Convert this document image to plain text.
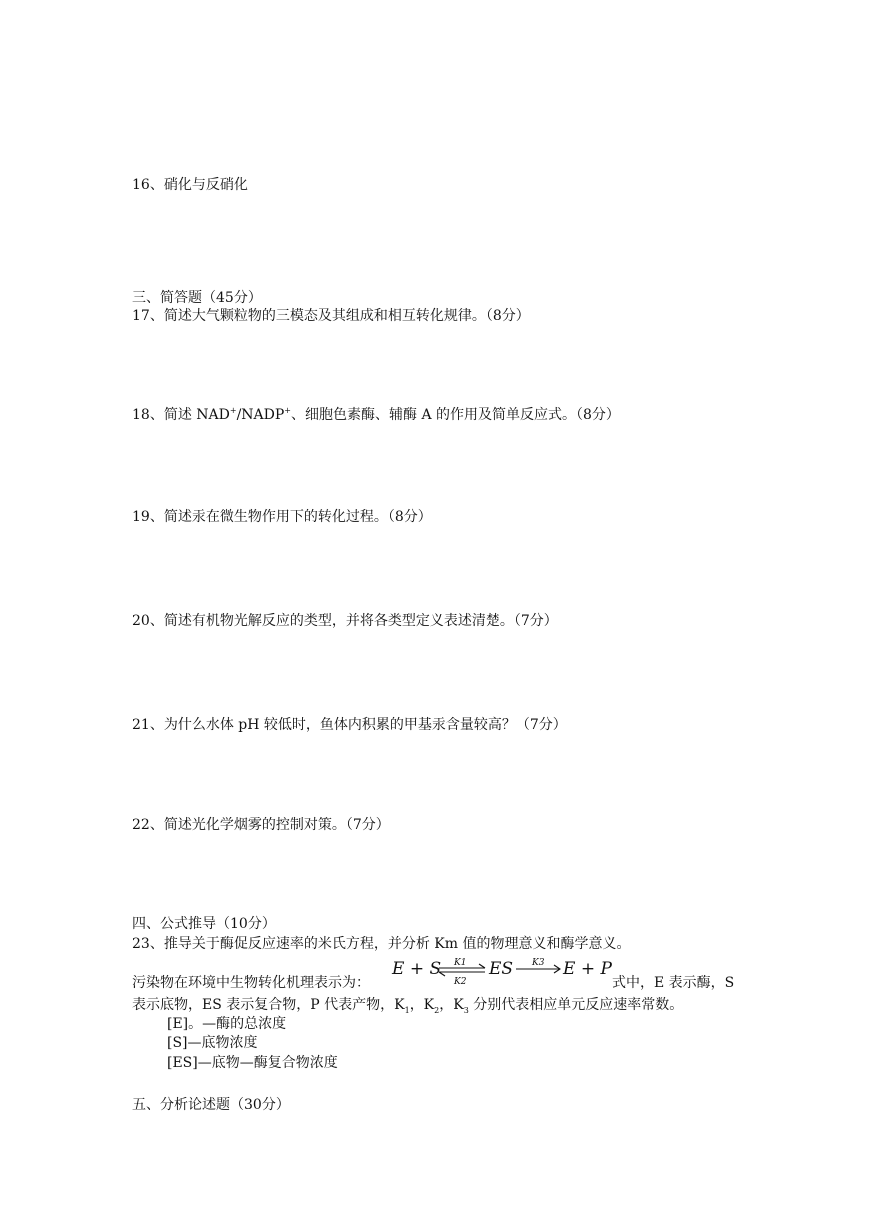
16、硝化与反硝化
三、简答题（45分）
17、简述大气颗粒物的三模态及其组成和相互转化规律。（8分）
18、简述 NAD+/NADP+、细胞色素酶、辅酶 A 的作用及简单反应式。（8分）
19、简述汞在微生物作用下的转化过程。（8分）
20、简述有机物光解反应的类型，并将各类型定义表述清楚。（7分）
21、为什么水体 pH 较低时，鱼体内积累的甲基汞含量较高？（7分）
22、简述光化学烟雾的控制对策。（7分）
四、公式推导（10分）
23、推导关于酶促反应速率的米氏方程，并分析 Km 值的物理意义和酶学意义。
污染物在环境中生物转化机理表示为：
E + S K1
K2
ES K3 E + P
式中，E 表示酶，S
表示底物，ES 表示复合物，P 代表产物，$K_1$，$K_2$，$K_3$ 分别代表相应单元反应速率常数。
[E]。—酶的总浓度
[S]—底物浓度
[ES]—底物—酶复合物浓度
五、分析论述题（30分）
